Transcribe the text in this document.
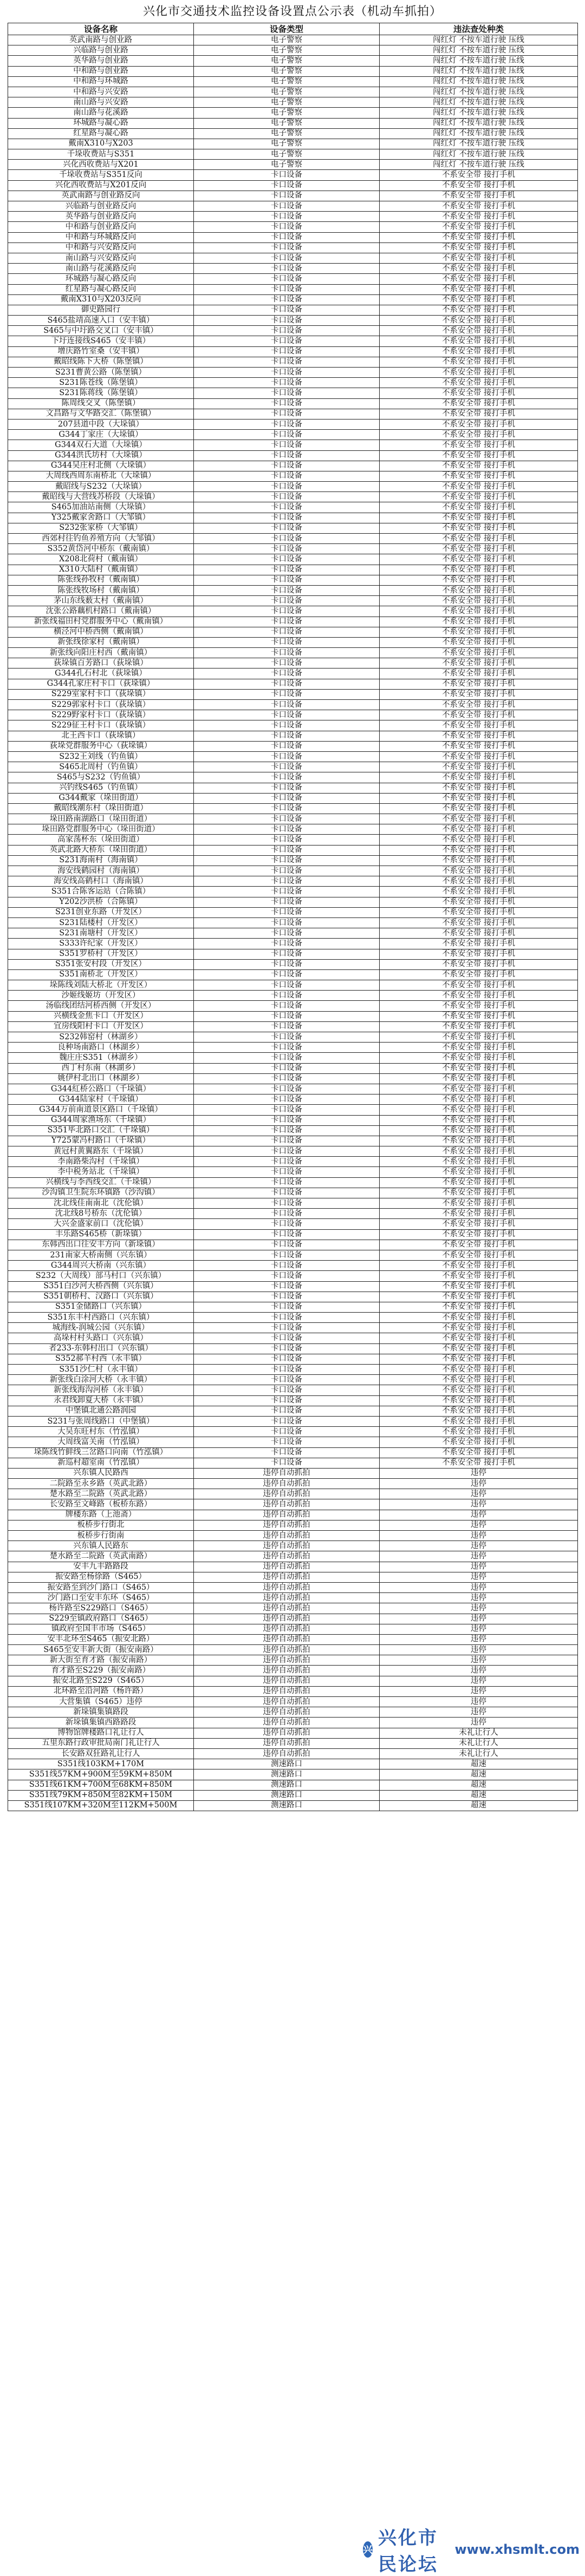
兴化市交通技术监控设备设置点公示表（机动车抓拍）
设备名称	设备类型	违法查处种类
英武南路与创业路	电子警察	闯红灯 不按车道行驶 压线
兴临路与创业路	电子警察	闯红灯 不按车道行驶 压线
英华路与创业路	电子警察	闯红灯 不按车道行驶 压线
中和路与创业路	电子警察	闯红灯 不按车道行驶 压线
中和路与环城路	电子警察	闯红灯 不按车道行驶 压线
中和路与兴安路	电子警察	闯红灯 不按车道行驶 压线
南山路与兴安路	电子警察	闯红灯 不按车道行驶 压线
南山路与花溪路	电子警察	闯红灯 不按车道行驶 压线
环城路与凝心路	电子警察	闯红灯 不按车道行驶 压线
红星路与凝心路	电子警察	闯红灯 不按车道行驶 压线
戴南X310与X203	电子警察	闯红灯 不按车道行驶 压线
千垛收费站与S351	电子警察	闯红灯 不按车道行驶 压线
兴化西收费站与X201	电子警察	闯红灯 不按车道行驶 压线
千垛收费站与S351反向	卡口设备	不系安全带 接打手机
兴化西收费站与X201反向	卡口设备	不系安全带 接打手机
英武南路与创业路反向	卡口设备	不系安全带 接打手机
兴临路与创业路反向	卡口设备	不系安全带 接打手机
英华路与创业路反向	卡口设备	不系安全带 接打手机
中和路与创业路反向	卡口设备	不系安全带 接打手机
中和路与环城路反向	卡口设备	不系安全带 接打手机
中和路与兴安路反向	卡口设备	不系安全带 接打手机
南山路与兴安路反向	卡口设备	不系安全带 接打手机
南山路与花溪路反向	卡口设备	不系安全带 接打手机
环城路与凝心路反向	卡口设备	不系安全带 接打手机
红星路与凝心路反向	卡口设备	不系安全带 接打手机
戴南X310与X203反向	卡口设备	不系安全带 接打手机
御史路园行	卡口设备	不系安全带 接打手机
S465盐靖高速入口（安丰镇）	卡口设备	不系安全带 接打手机
S465与中圩路交叉口（安丰镇）	卡口设备	不系安全带 接打手机
下圩连接线S465（安丰镇）	卡口设备	不系安全带 接打手机
增庆路竹室桑（安丰镇）	卡口设备	不系安全带 接打手机
戴昭线陈下大桥（陈堡镇）	卡口设备	不系安全带 接打手机
S231曹黄公路（陈堡镇）	卡口设备	不系安全带 接打手机
S231陈苍线（陈堡镇）	卡口设备	不系安全带 接打手机
S231陈蒋线（陈堡镇）	卡口设备	不系安全带 接打手机
陈周线交叉（陈堡镇）	卡口设备	不系安全带 接打手机
文昌路与文华路交汇（陈堡镇）	卡口设备	不系安全带 接打手机
207县道中段（大垛镇）	卡口设备	不系安全带 接打手机
G344丁家庄（大垛镇）	卡口设备	不系安全带 接打手机
G344双石大道（大垛镇）	卡口设备	不系安全带 接打手机
G344洪氏坊村（大垛镇）	卡口设备	不系安全带 接打手机
G344吴庄村北侧（大垛镇）	卡口设备	不系安全带 接打手机
大周线西周东南桥北（大垛镇）	卡口设备	不系安全带 接打手机
戴昭线与S232（大垛镇）	卡口设备	不系安全带 接打手机
戴昭线与大营线苏桥段（大垛镇）	卡口设备	不系安全带 接打手机
S465加油站南侧（大垛镇）	卡口设备	不系安全带 接打手机
Y325戴家舍路口（大邹镇）	卡口设备	不系安全带 接打手机
S232张家桥（大邹镇）	卡口设备	不系安全带 接打手机
西郊村往钓鱼养殖方向（大邹镇）	卡口设备	不系安全带 接打手机
S352黄岱河中桥东（戴南镇）	卡口设备	不系安全带 接打手机
X208北荷村（戴南镇）	卡口设备	不系安全带 接打手机
X310大陆村（戴南镇）	卡口设备	不系安全带 接打手机
陈张线孙牧村（戴南镇）	卡口设备	不系安全带 接打手机
陈张线牧场村（戴南镇）	卡口设备	不系安全带 接打手机
茅山东线薮太村（戴南镇）	卡口设备	不系安全带 接打手机
沈张公路藕机村路口（戴南镇）	卡口设备	不系安全带 接打手机
新张线福田村党群服务中心（戴南镇）	卡口设备	不系安全带 接打手机
横泾河中桥西侧（戴南镇）	卡口设备	不系安全带 接打手机
新张线徐家村（戴南镇）	卡口设备	不系安全带 接打手机
新张线向阳庄村西（戴南镇）	卡口设备	不系安全带 接打手机
荻垛镇百芳路口（荻垛镇）	卡口设备	不系安全带 接打手机
G344孔石村北（荻垛镇）	卡口设备	不系安全带 接打手机
G344孔家庄村卡口（荻垛镇）	卡口设备	不系安全带 接打手机
S229室家村卡口（荻垛镇）	卡口设备	不系安全带 接打手机
S229郭家村卡口（荻垛镇）	卡口设备	不系安全带 接打手机
S229野家村卡口（荻垛镇）	卡口设备	不系安全带 接打手机
S229征王村卡口（荻垛镇）	卡口设备	不系安全带 接打手机
北王西卡口（荻垛镇）	卡口设备	不系安全带 接打手机
荻垛党群服务中心（荻垛镇）	卡口设备	不系安全带 接打手机
S232王刘线（钓鱼镇）	卡口设备	不系安全带 接打手机
S465北周村（钓鱼镇）	卡口设备	不系安全带 接打手机
S465与S232（钓鱼镇）	卡口设备	不系安全带 接打手机
兴钓线S465（钓鱼镇）	卡口设备	不系安全带 接打手机
G344戴家（垛田街道）	卡口设备	不系安全带 接打手机
戴昭线潮东村（垛田街道）	卡口设备	不系安全带 接打手机
垛田路南湖路口（垛田街道）	卡口设备	不系安全带 接打手机
垛田路党群服务中心（垛田街道）	卡口设备	不系安全带 接打手机
高家荡杯东（垛田街道）	卡口设备	不系安全带 接打手机
英武北路大桥东（垛田街道）	卡口设备	不系安全带 接打手机
S231海南村（海南镇）	卡口设备	不系安全带 接打手机
海安线鹤园村（海南镇）	卡口设备	不系安全带 接打手机
海安线高鹤村口（海南镇）	卡口设备	不系安全带 接打手机
S351合陈客运站（合陈镇）	卡口设备	不系安全带 接打手机
Y202沙洪桥（合陈镇）	卡口设备	不系安全带 接打手机
S231创业东路（开发区）	卡口设备	不系安全带 接打手机
S231陆楼村（开发区）	卡口设备	不系安全带 接打手机
S231南塘村（开发区）	卡口设备	不系安全带 接打手机
S333许纪家（开发区）	卡口设备	不系安全带 接打手机
S351罗桥村（开发区）	卡口设备	不系安全带 接打手机
S351张安村段（开发区）	卡口设备	不系安全带 接打手机
S351南桥北（开发区）	卡口设备	不系安全带 接打手机
垛陈线刘陆大桥北（开发区）	卡口设备	不系安全带 接打手机
沙姬线姬坊（开发区）	卡口设备	不系安全带 接打手机
汤临线团结河桥西侧（开发区）	卡口设备	不系安全带 接打手机
兴横线金焦卡口（开发区）	卡口设备	不系安全带 接打手机
宜房线阳村卡口（开发区）	卡口设备	不系安全带 接打手机
S232韩窑村（林湖乡）	卡口设备	不系安全带 接打手机
良种场南路口（林湖乡）	卡口设备	不系安全带 接打手机
魏庄庄S351（林湖乡）	卡口设备	不系安全带 接打手机
西丁村东南（林湖乡）	卡口设备	不系安全带 接打手机
姚伊村北出口（林湖乡）	卡口设备	不系安全带 接打手机
G344紅桥公路口（千垛镇）	卡口设备	不系安全带 接打手机
G344陆家村（千垛镇）	卡口设备	不系安全带 接打手机
G344万前南道景区路口（千垛镇）	卡口设备	不系安全带 接打手机
G344周家渔场东（千垛镇）	卡口设备	不系安全带 接打手机
S351毕北路口交汇（千垛镇）	卡口设备	不系安全带 接打手机
Y725蒙冯村路口（千垛镇）	卡口设备	不系安全带 接打手机
黄冠村黄翼路东（千垛镇）	卡口设备	不系安全带 接打手机
李南路柴沟村（千垛镇）	卡口设备	不系安全带 接打手机
李中税务站北（千垛镇）	卡口设备	不系安全带 接打手机
兴横线与李西线交汇（千垛镇）	卡口设备	不系安全带 接打手机
沙沟镇卫生院东环镇路（沙沟镇）	卡口设备	不系安全带 接打手机
沈北线佳南南北（沈伦镇）	卡口设备	不系安全带 接打手机
沈北线8号桥东（沈伦镇）	卡口设备	不系安全带 接打手机
大兴金盛家前口（沈伦镇）	卡口设备	不系安全带 接打手机
丰乐路S465桥（新垛镇）	卡口设备	不系安全带 接打手机
东韩西出口往安丰方向（新垛镇）	卡口设备	不系安全带 接打手机
231南家大桥南侧（兴东镇）	卡口设备	不系安全带 接打手机
G344周兴大桥南（兴东镇）	卡口设备	不系安全带 接打手机
S232（大周线）部马村口（兴东镇）	卡口设备	不系安全带 接打手机
S351白沙河大桥西侧（兴东镇）	卡口设备	不系安全带 接打手机
S351朝桥村、汉路口（兴东镇）	卡口设备	不系安全带 接打手机
S351金储路口（兴东镇）	卡口设备	不系安全带 接打手机
S351东丰村西路口（兴东镇）	卡口设备	不系安全带 接打手机
城海线-润城公园（兴东镇）	卡口设备	不系安全带 接打手机
高垛村村头路口（兴东镇）	卡口设备	不系安全带 接打手机
者233-东韩村出口（兴东镇）	卡口设备	不系安全带 接打手机
S352郝羊村西（永丰镇）	卡口设备	不系安全带 接打手机
S351沙仁村（永丰镇）	卡口设备	不系安全带 接打手机
新张线白涂河大桥（永丰镇）	卡口设备	不系安全带 接打手机
新张线海沟河桥（永丰镇）	卡口设备	不系安全带 接打手机
永君线卸夏大桥（永丰镇）	卡口设备	不系安全带 接打手机
中堡镇北通公路润园	卡口设备	不系安全带 接打手机
S231与张周线路口（中堡镇）	卡口设备	不系安全带 接打手机
大吴东旺村东（竹泓镇）	卡口设备	不系安全带 接打手机
大周线富关南（竹泓镇）	卡口设备	不系安全带 接打手机
垛陈线竹鲜线三岔路口向南（竹泓镇）	卡口设备	不系安全带 接打手机
新巡村超室南（竹泓镇）	卡口设备	不系安全带 接打手机
兴东镇人民路西	违停自动抓拍	违停
二院路至永乡路（英武北路）	违停自动抓拍	违停
楚水路至二院路（英武北路）	违停自动抓拍	违停
长安路至文峰路（板桥东路）	违停自动抓拍	违停
牌楼东路（上池斋）	违停自动抓拍	违停
板桥步行街北	违停自动抓拍	违停
板桥步行街南	违停自动抓拍	违停
兴东镇人民路东	违停自动抓拍	违停
楚水路至二院路（英武南路）	违停自动抓拍	违停
安丰九丰路路段	违停自动抓拍	违停
振安路至杨徐路（S465）	违停自动抓拍	违停
振安路至到沙门路口（S465）	违停自动抓拍	违停
沙门路口至安丰东环（S465）	违停自动抓拍	违停
杨许路至S229路口（S465）	违停自动抓拍	违停
S229至镇政府路口（S465）	违停自动抓拍	违停
镇政府至国丰市场（S465）	违停自动抓拍	违停
安丰北环至S465（振安北路）	违停自动抓拍	违停
S465至安丰新大街（振安南路）	违停自动抓拍	违停
新大街至育才路（振安南路）	违停自动抓拍	违停
育才路至S229（振安南路）	违停自动抓拍	违停
振安北路至S229（S465）	违停自动抓拍	违停
北环路至沿河路（杨许路）	违停自动抓拍	违停
大营集镇（S465）违停	违停自动抓拍	违停
新垛镇集镇路段	违停自动抓拍	违停
新垛镇集镇西路路段	违停自动抓拍	违停
博物馆牌楼路口礼让行人	违停自动抓拍	未礼让行人
五里东路行政审批局南门礼让行人	违停自动抓拍	未礼让行人
长安路双狂路礼让行人	违停自动抓拍	未礼让行人
S351线103KM+170M	测速路口	超速
S351线57KM+900M至59KM+850M	测速路口	超速
S351线61KM+700M至68KM+850M	测速路口	超速
S351线79KM+850M至82KM+150M	测速路口	超速
S351线107KM+320M至112KM+500M	测速路口	超速
兴
兴化市民论坛
www.xhsmlt.com
